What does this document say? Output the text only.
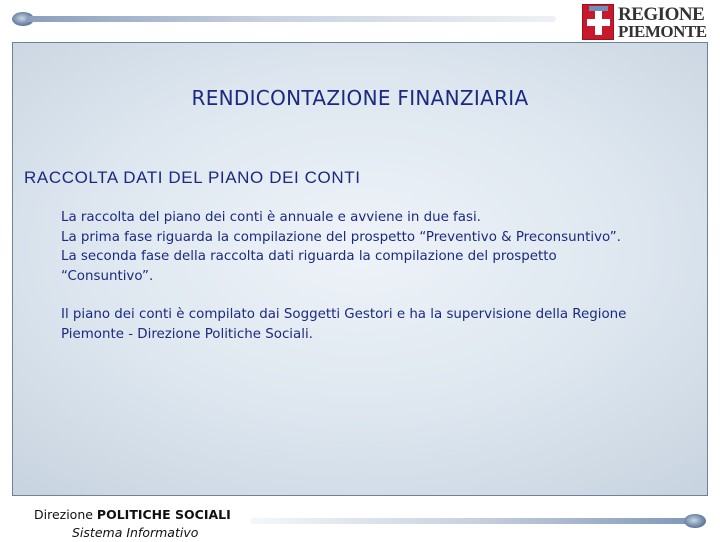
REGIONE
PIEMONTE
RENDICONTAZIONE FINANZIARIA
RACCOLTA DATI DEL PIANO DEI CONTI

La raccolta del piano dei conti è annuale e avviene in due fasi.

La prima fase riguarda la compilazione del prospetto “Preventivo & Preconsuntivo”.

La seconda fase della raccolta dati riguarda la compilazione del prospetto

“Consuntivo”.

Il piano dei conti è compilato dai Soggetti Gestori e ha la supervisione della Regione

Piemonte - Direzione Politiche Sociali.

Direzione POLITICHE SOCIALI
Sistema Informativo
